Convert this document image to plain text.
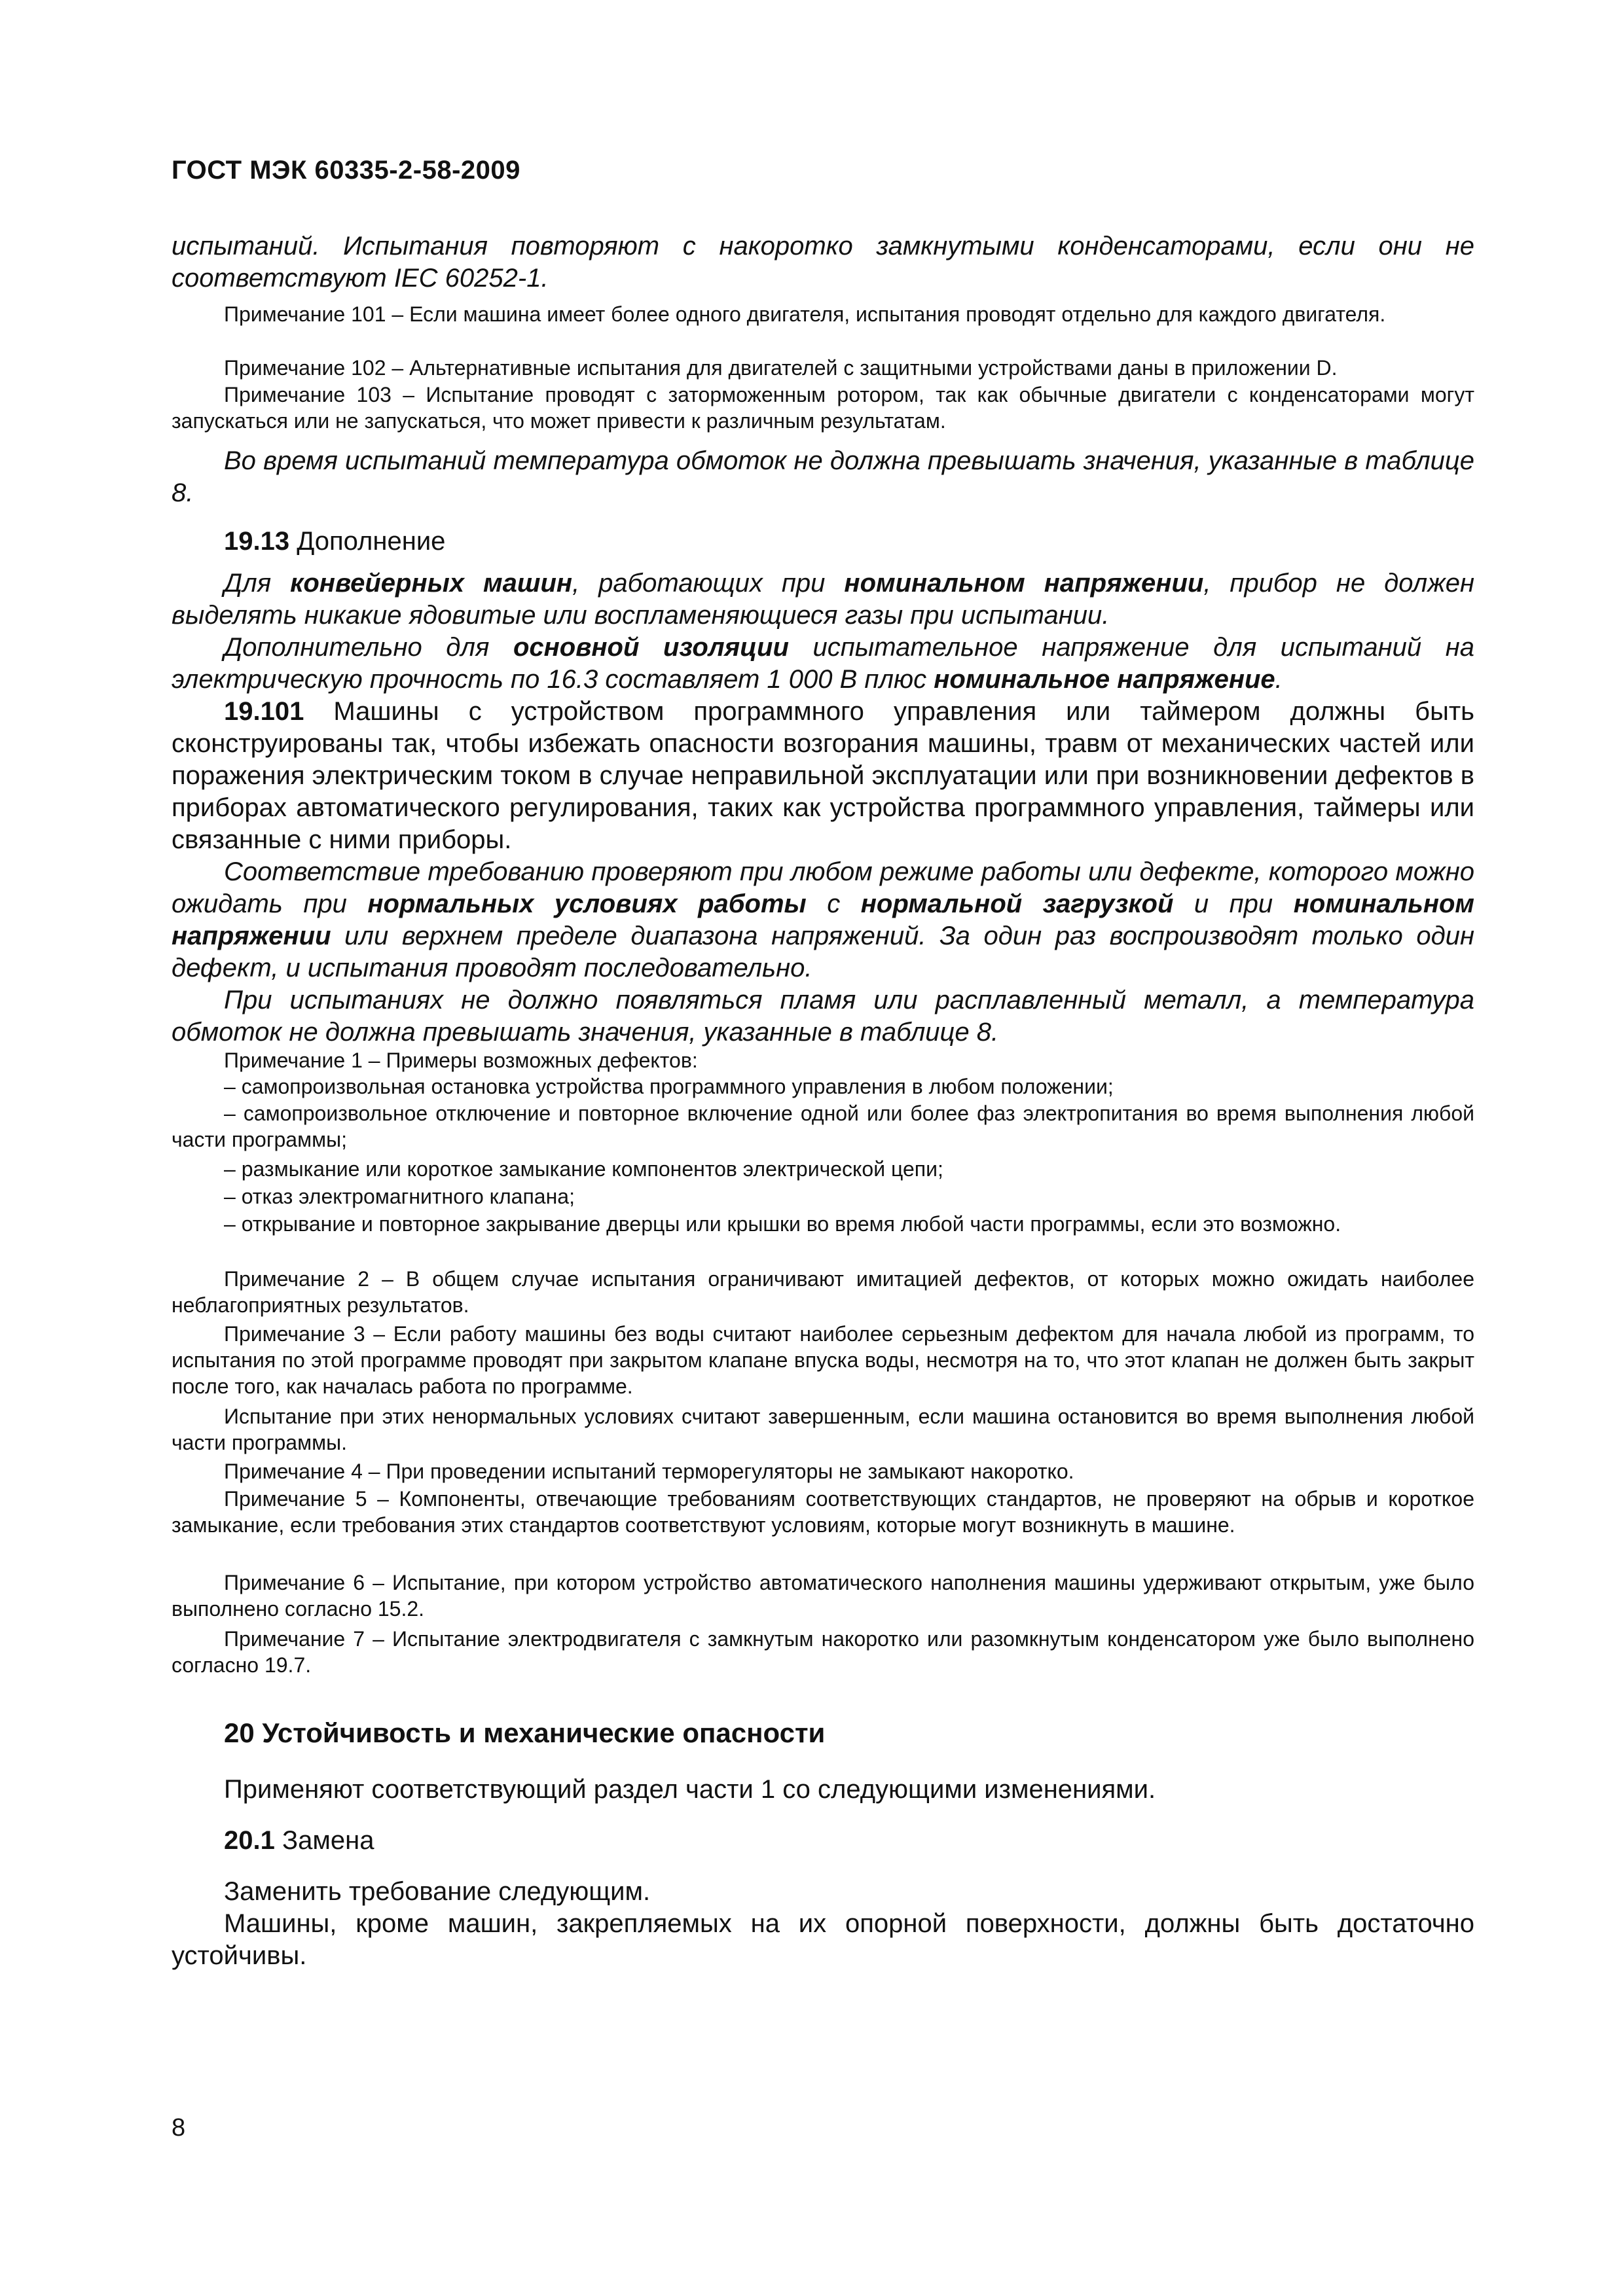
ГОСТ МЭК 60335-2-58-2009

испытаний. Испытания повторяют с накоротко замкнутыми конденсаторами, если они не соответствуют IEC 60252-1.

Примечание 101 – Если машина имеет более одного двигателя, испытания проводят отдельно для каждого двигателя.

Примечание 102 – Альтернативные испытания для двигателей с защитными устройствами даны в приложении D.

Примечание 103 – Испытание проводят с заторможенным ротором, так как обычные двигатели с конденсаторами могут запускаться или не запускаться, что может привести к различным результатам.

Во время испытаний температура обмоток не должна превышать значения, указанные в таблице 8.

19.13 Дополнение

Для конвейерных машин, работающих при номинальном напряжении, прибор не должен выделять никакие ядовитые или воспламеняющиеся газы при испытании.

Дополнительно для основной изоляции испытательное напряжение для испытаний на электрическую прочность по 16.3 составляет 1 000 В плюс номинальное напряжение.

19.101 Машины с устройством программного управления или таймером должны быть сконструированы так, чтобы избежать опасности возгорания машины, травм от механических частей или поражения электрическим током в случае неправильной эксплуатации или при возникновении дефектов в приборах автоматического регулирования, таких как устройства программного управления, таймеры или связанные с ними приборы.

Соответствие требованию проверяют при любом режиме работы или дефекте, которого можно ожидать при нормальных условиях работы с нормальной загрузкой и при номинальном напряжении или верхнем пределе диапазона напряжений. За один раз воспроизводят только один дефект, и испытания проводят последовательно.

При испытаниях не должно появляться пламя или расплавленный металл, а температура обмоток не должна превышать значения, указанные в таблице 8.

Примечание 1 – Примеры возможных дефектов:

– самопроизвольная остановка устройства программного управления в любом положении;

– самопроизвольное отключение и повторное включение одной или более фаз электропитания во время выполнения любой части программы;

– размыкание или короткое замыкание компонентов электрической цепи;

– отказ электромагнитного клапана;

– открывание и повторное закрывание дверцы или крышки во время любой части программы, если это возможно.

Примечание 2 – В общем случае испытания ограничивают имитацией дефектов, от которых можно ожидать наиболее неблагоприятных результатов.

Примечание 3 – Если работу машины без воды считают наиболее серьезным дефектом для начала любой из программ, то испытания по этой программе проводят при закрытом клапане впуска воды, несмотря на то, что этот клапан не должен быть закрыт после того, как началась работа по программе.

Испытание при этих ненормальных условиях считают завершенным, если машина остановится во время выполнения любой части программы.

Примечание 4 – При проведении испытаний терморегуляторы не замыкают накоротко.

Примечание 5 – Компоненты, отвечающие требованиям соответствующих стандартов, не проверяют на обрыв и короткое замыкание, если требования этих стандартов соответствуют условиям, которые могут возникнуть в машине.

Примечание 6 – Испытание, при котором устройство автоматического наполнения машины удерживают открытым, уже было выполнено согласно 15.2.

Примечание 7 – Испытание электродвигателя с замкнутым накоротко или разомкнутым конденсатором уже было выполнено согласно 19.7.

20 Устойчивость и механические опасности

Применяют соответствующий раздел части 1 со следующими изменениями.

20.1 Замена

Заменить требование следующим.

Машины, кроме машин, закрепляемых на их опорной поверхности, должны быть достаточно устойчивы.

8
